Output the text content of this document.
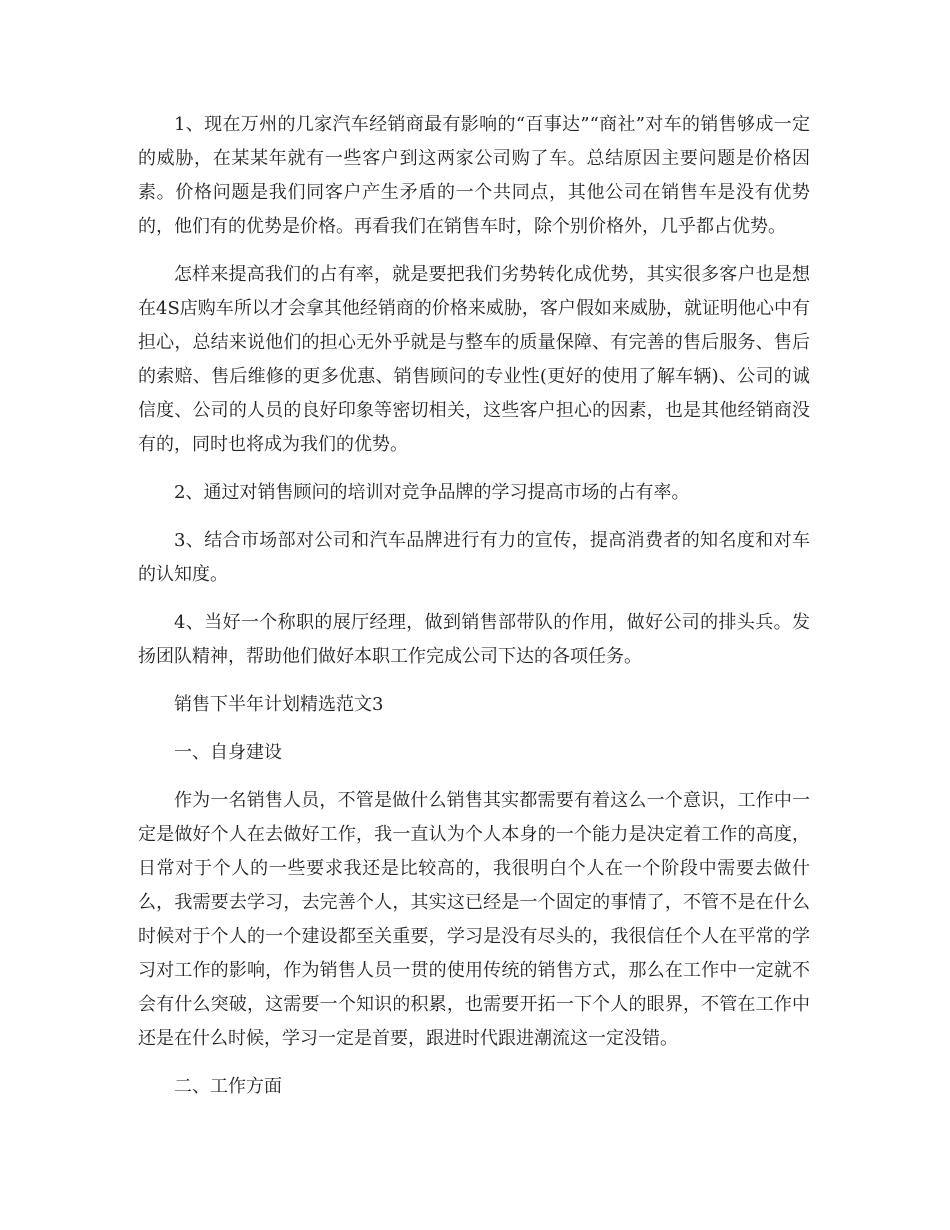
1、现在万州的几家汽车经销商最有影响的“百事达”“商社”对车的销售够成一定的威胁，在某某年就有一些客户到这两家公司购了车。总结原因主要问题是价格因素。价格问题是我们同客户产生矛盾的一个共同点，其他公司在销售车是没有优势的，他们有的优势是价格。再看我们在销售车时，除个别价格外，几乎都占优势。

怎样来提高我们的占有率，就是要把我们劣势转化成优势，其实很多客户也是想在4S店购车所以才会拿其他经销商的价格来威胁，客户假如来威胁，就证明他心中有担心，总结来说他们的担心无外乎就是与整车的质量保障、有完善的售后服务、售后的索赔、售后维修的更多优惠、销售顾问的专业性(更好的使用了解车辆)、公司的诚信度、公司的人员的良好印象等密切相关，这些客户担心的因素，也是其他经销商没有的，同时也将成为我们的优势。

2、通过对销售顾问的培训对竞争品牌的学习提高市场的占有率。

3、结合市场部对公司和汽车品牌进行有力的宣传，提高消费者的知名度和对车的认知度。

4、当好一个称职的展厅经理，做到销售部带队的作用，做好公司的排头兵。发扬团队精神，帮助他们做好本职工作完成公司下达的各项任务。

销售下半年计划精选范文3

一、自身建设

作为一名销售人员，不管是做什么销售其实都需要有着这么一个意识，工作中一定是做好个人在去做好工作，我一直认为个人本身的一个能力是决定着工作的高度，日常对于个人的一些要求我还是比较高的，我很明白个人在一个阶段中需要去做什么，我需要去学习，去完善个人，其实这已经是一个固定的事情了，不管不是在什么时候对于个人的一个建设都至关重要，学习是没有尽头的，我很信任个人在平常的学习对工作的影响，作为销售人员一贯的使用传统的销售方式，那么在工作中一定就不会有什么突破，这需要一个知识的积累，也需要开拓一下个人的眼界，不管在工作中还是在什么时候，学习一定是首要，跟进时代跟进潮流这一定没错。

二、工作方面
